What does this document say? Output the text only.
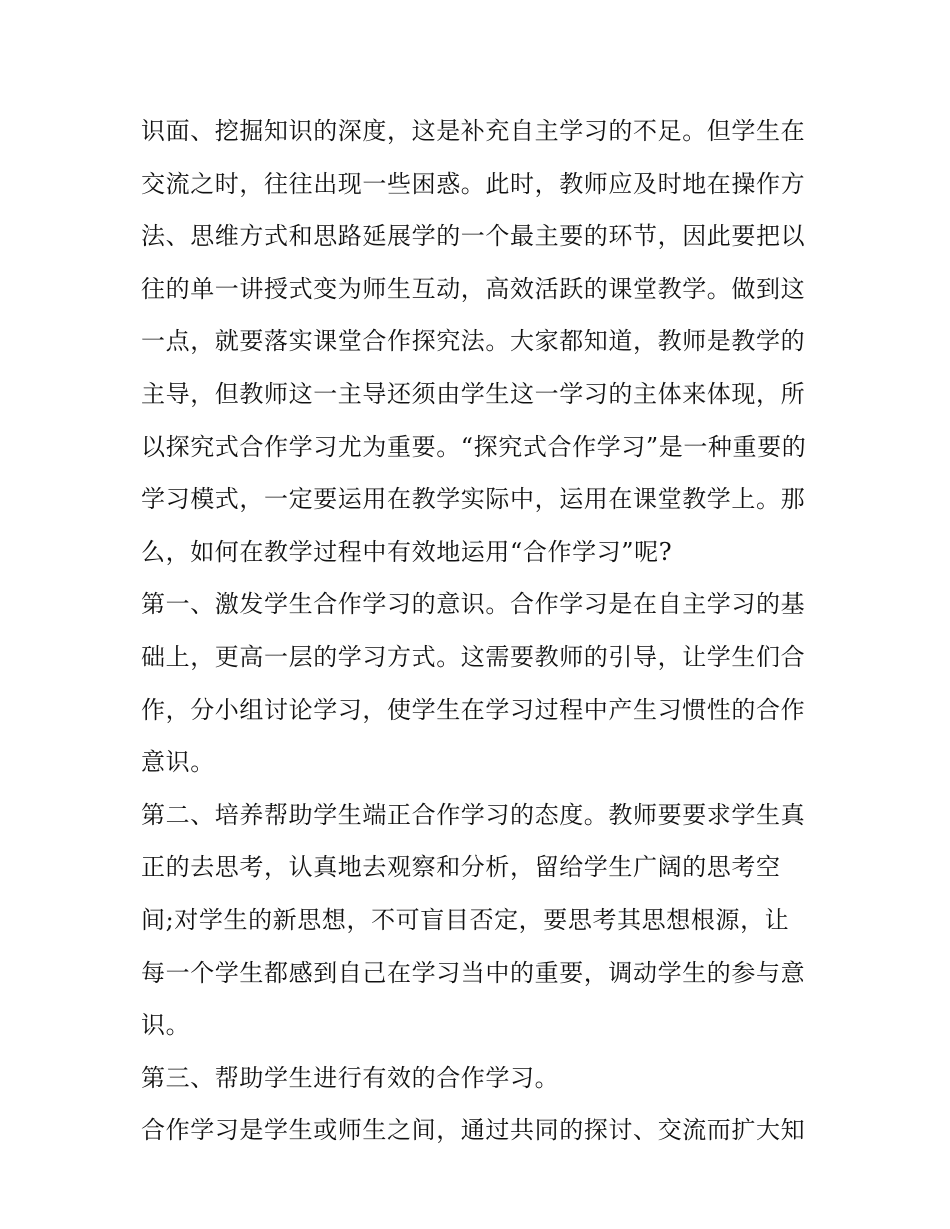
识面、挖掘知识的深度，这是补充自主学习的不足。但学生在
交流之时，往往出现一些困惑。此时，教师应及时地在操作方
法、思维方式和思路延展学的一个最主要的环节，因此要把以
往的单一讲授式变为师生互动，高效活跃的课堂教学。做到这
一点，就要落实课堂合作探究法。大家都知道，教师是教学的
主导，但教师这一主导还须由学生这一学习的主体来体现，所
以探究式合作学习尤为重要。“探究式合作学习”是一种重要的
学习模式，一定要运用在教学实际中，运用在课堂教学上。那
么，如何在教学过程中有效地运用“合作学习”呢?
第一、激发学生合作学习的意识。合作学习是在自主学习的基
础上，更高一层的学习方式。这需要教师的引导，让学生们合
作，分小组讨论学习，使学生在学习过程中产生习惯性的合作
意识。
第二、培养帮助学生端正合作学习的态度。教师要要求学生真
正的去思考，认真地去观察和分析，留给学生广阔的思考空
间;对学生的新思想，不可盲目否定，要思考其思想根源，让
每一个学生都感到自己在学习当中的重要，调动学生的参与意
识。
第三、帮助学生进行有效的合作学习。
合作学习是学生或师生之间，通过共同的探讨、交流而扩大知
